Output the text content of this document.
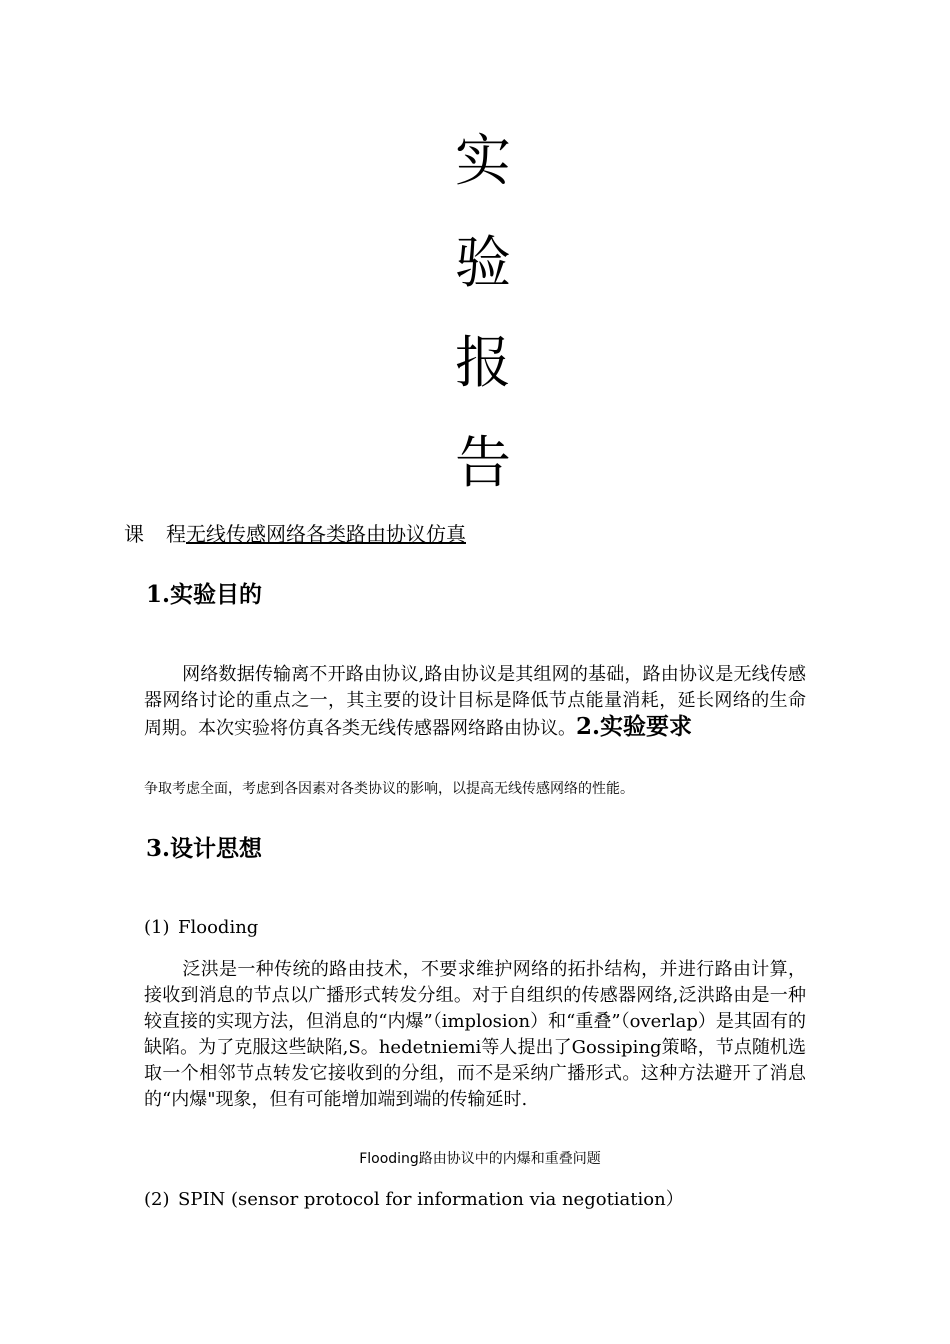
实
验
报
告
课 程无线传感网络各类路由协议仿真
1.实验目的
网络数据传输离不开路由协议,路由协议是其组网的基础，路由协议是无线传感器网络讨论的重点之一，其主要的设计目标是降低节点能量消耗，延长网络的生命周期。本次实验将仿真各类无线传感器网络路由协议。2.实验要求
争取考虑全面，考虑到各因素对各类协议的影响，以提高无线传感网络的性能。
3.设计思想
(1) Flooding
泛洪是一种传统的路由技术，不要求维护网络的拓扑结构，并进行路由计算，接收到消息的节点以广播形式转发分组。对于自组织的传感器网络,泛洪路由是一种较直接的实现方法，但消息的“内爆”（implosion）和“重叠”（overlap）是其固有的缺陷。为了克服这些缺陷,S。hedetniemi等人提出了Gossiping策略，节点随机选取一个相邻节点转发它接收到的分组，而不是采纳广播形式。这种方法避开了消息的“内爆"现象，但有可能增加端到端的传输延时.
Flooding路由协议中的内爆和重叠问题
(2) SPIN (sensor protocol for information via negotiation）
